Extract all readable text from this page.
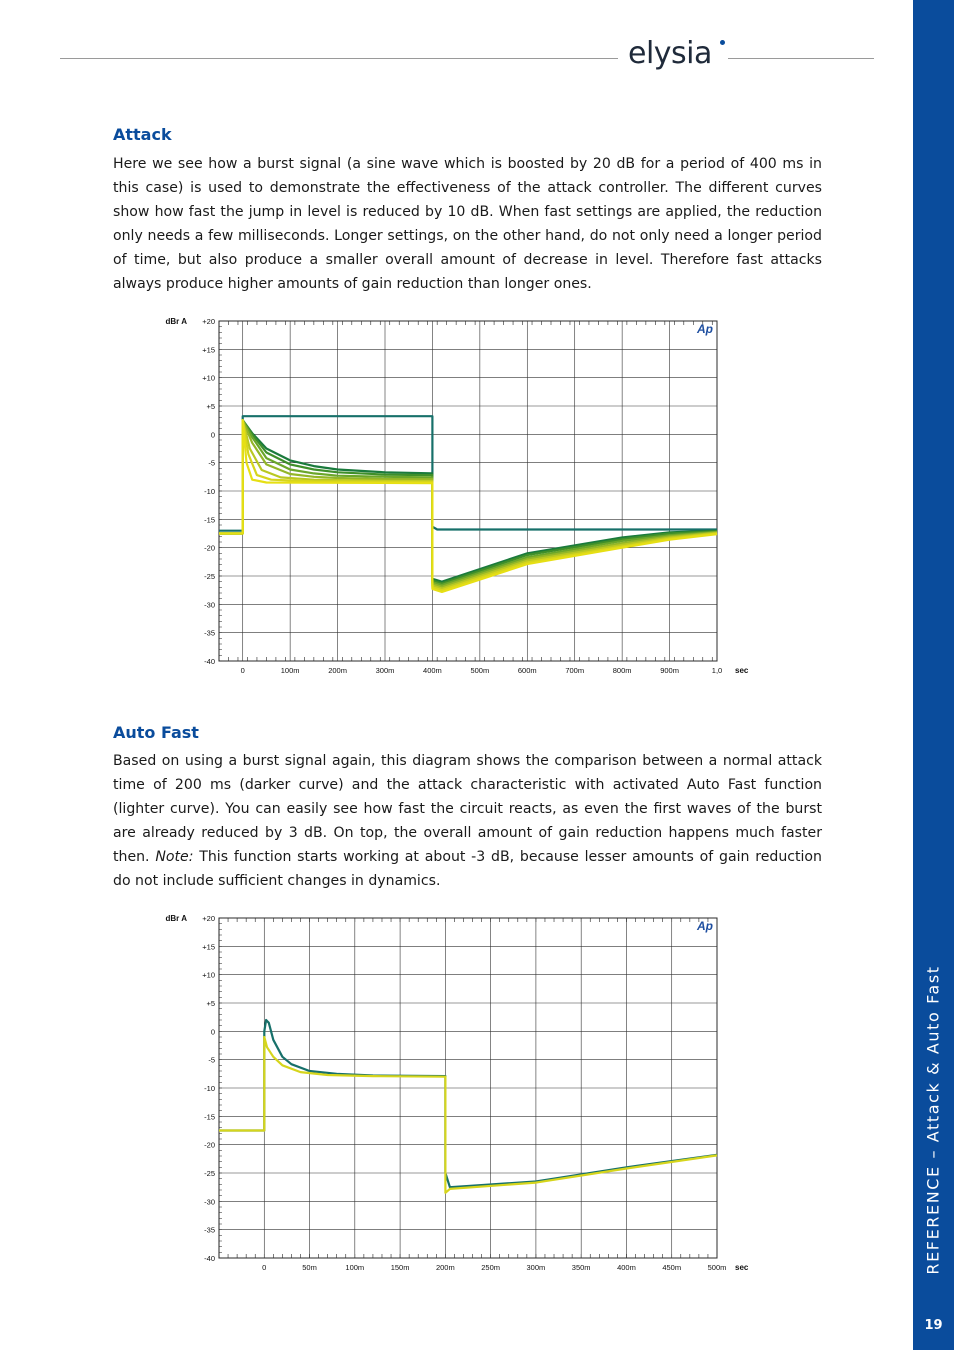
elysia
REFERENCE – Attack & Auto Fast
19
Attack

Here we see how a burst signal (a sine wave which is boosted by 20 dB for a period of 400 ms in this case) is used to demonstrate the effectiveness of the attack controller. The different curves show how fast the jump in level is reduced by 10 dB. When fast settings are applied, the reduction only needs a few milliseconds. Longer settings, on the other hand, do not only need a longer period of time, but also produce a smaller overall amount of decrease in level. Therefore fast attacks always produce higher amounts of gain reduction than longer ones.

0	100m	200m	300m	400m	500m	600m	700m	800m	900m	1,0
+20
+15
+10
+5
0
-5
-10
-15
-20
-25
-30
-35
-40
dBr A
sec
Ap
Auto Fast

Based on using a burst signal again, this diagram shows the comparison between a normal attack time of 200 ms (darker curve) and the attack characteristic with activated Auto Fast function (lighter curve). You can easily see how fast the circuit reacts, as even the first waves of the burst are already reduced by 3 dB. On top, the overall amount of gain reduction happens much faster then. Note: This function starts working at about -3 dB, because lesser amounts of gain reduction do not include sufficient changes in dynamics.

0	50m	100m	150m	200m	250m	300m	350m	400m	450m	500m
+20
+15
+10
+5
0
-5
-10
-15
-20
-25
-30
-35
-40
dBr A
sec
Ap
